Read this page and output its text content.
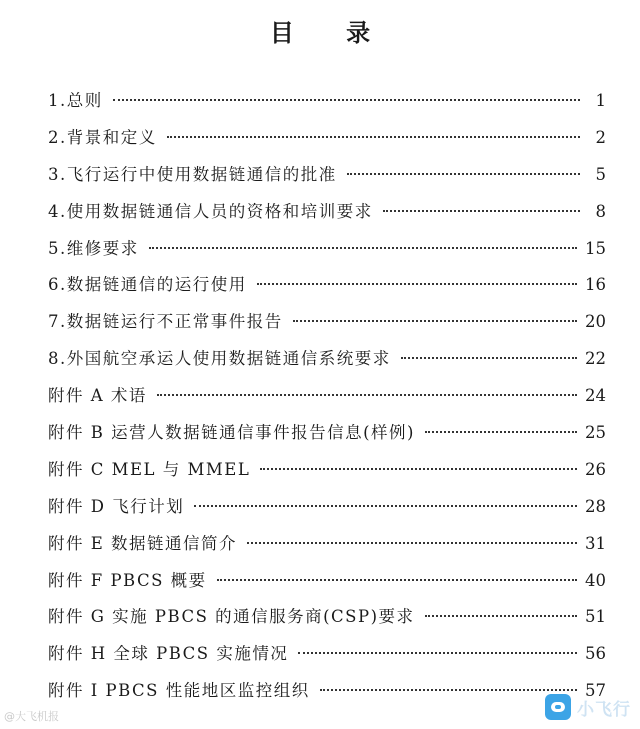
目 录
1.总则	1
2.背景和定义	2
3.飞行运行中使用数据链通信的批准	5
4.使用数据链通信人员的资格和培训要求	8
5.维修要求	15
6.数据链通信的运行使用	16
7.数据链运行不正常事件报告	20
8.外国航空承运人使用数据链通信系统要求	22
附件 A 术语	24
附件 B 运营人数据链通信事件报告信息(样例)	25
附件 C MEL 与 MMEL	26
附件 D 飞行计划	28
附件 E 数据链通信简介	31
附件 F PBCS 概要	40
附件 G 实施 PBCS 的通信服务商(CSP)要求	51
附件 H 全球 PBCS 实施情况	56
附件 I PBCS 性能地区监控组织	57
@大飞机报	小飞行
